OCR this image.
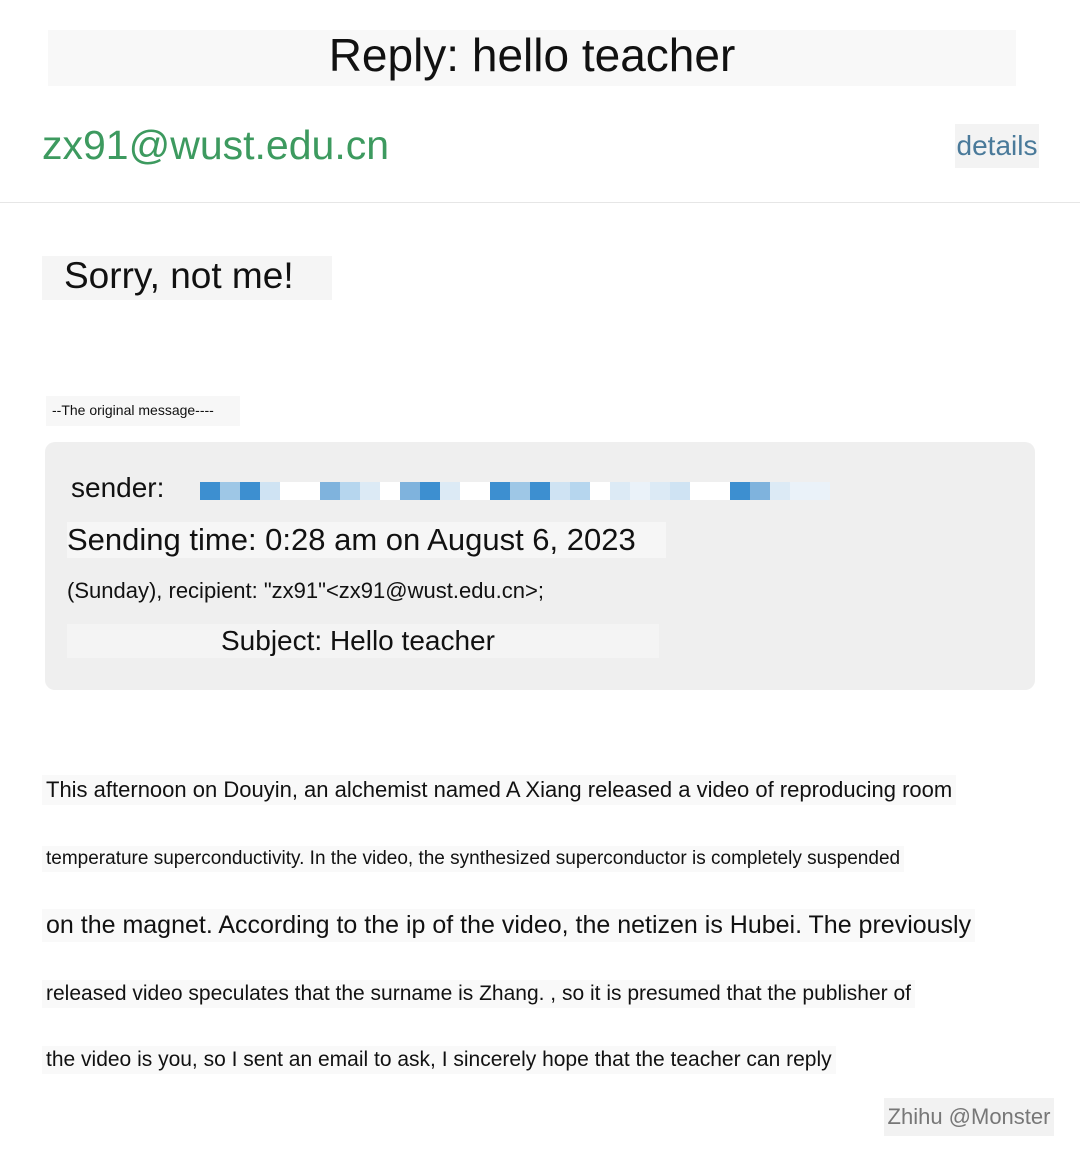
Reply: hello teacher
zx91@wust.edu.cn	details
Sorry, not me!
--The original message----
sender:
Sending time: 0:28 am on August 6, 2023
(Sunday), recipient: "zx91"<zx91@wust.edu.cn>;
Subject: Hello teacher
This afternoon on Douyin, an alchemist named A Xiang released a video of reproducing room
temperature superconductivity. In the video, the synthesized superconductor is completely suspended
on the magnet. According to the ip of the video, the netizen is Hubei. The previously
released video speculates that the surname is Zhang. , so it is presumed that the publisher of
the video is you, so I sent an email to ask, I sincerely hope that the teacher can reply
Zhihu @Monster
